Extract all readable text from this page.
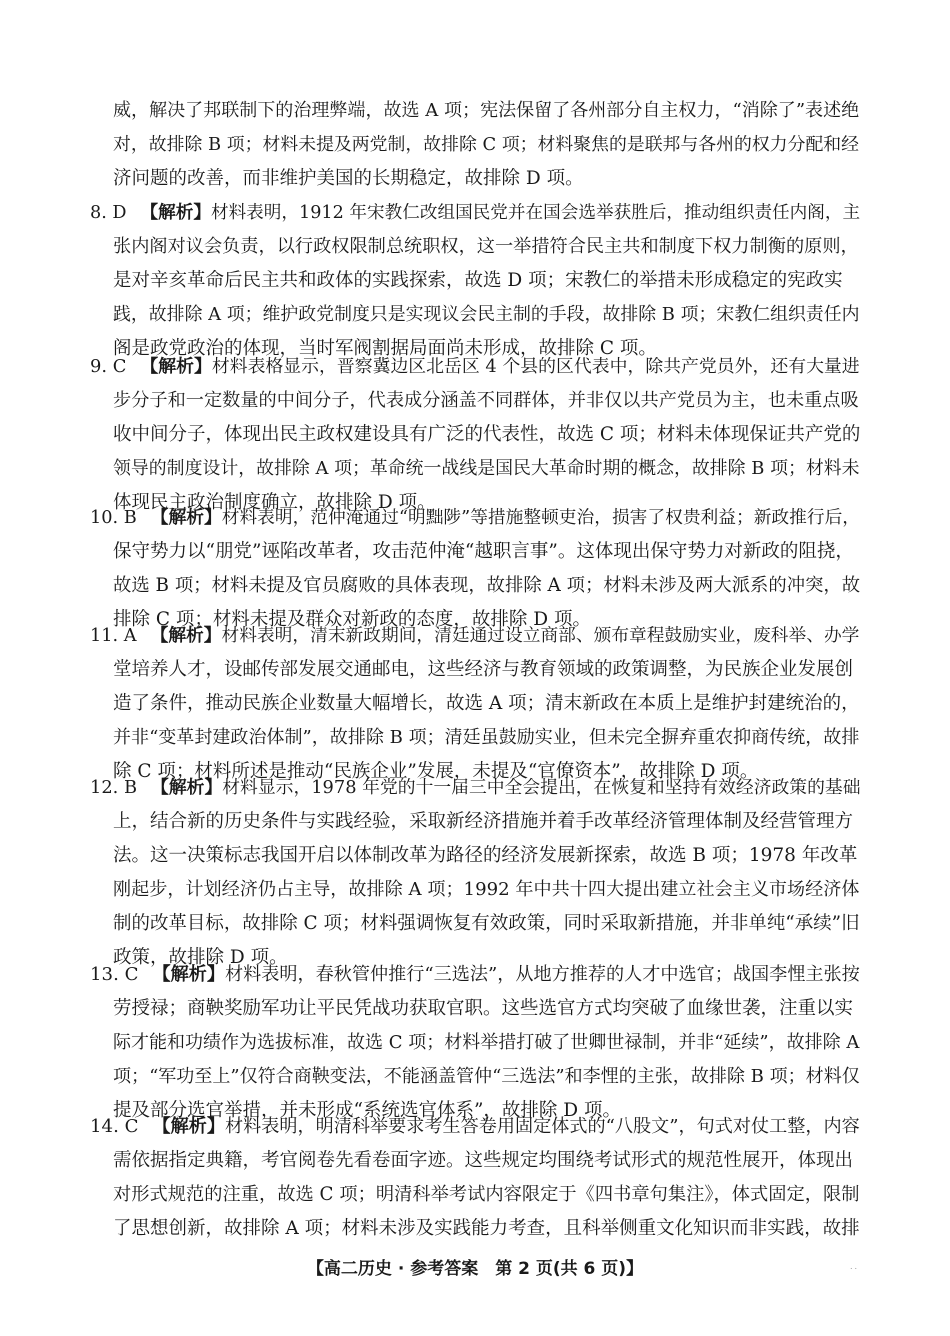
威，解决了邦联制下的治理弊端，故选 A 项；宪法保留了各州部分自主权力，“消除了”表述绝
对，故排除 B 项；材料未提及两党制，故排除 C 项；材料聚焦的是联邦与各州的权力分配和经
济问题的改善，而非维护美国的长期稳定，故排除 D 项。
8. D 【解析】材料表明，1912 年宋教仁改组国民党并在国会选举获胜后，推动组织责任内阁，主
张内阁对议会负责，以行政权限制总统职权，这一举措符合民主共和制度下权力制衡的原则，
是对辛亥革命后民主共和政体的实践探索，故选 D 项；宋教仁的举措未形成稳定的宪政实
践，故排除 A 项；维护政党制度只是实现议会民主制的手段，故排除 B 项；宋教仁组织责任内
阁是政党政治的体现，当时军阀割据局面尚未形成，故排除 C 项。
9. C 【解析】材料表格显示，晋察冀边区北岳区 4 个县的区代表中，除共产党员外，还有大量进
步分子和一定数量的中间分子，代表成分涵盖不同群体，并非仅以共产党员为主，也未重点吸
收中间分子，体现出民主政权建设具有广泛的代表性，故选 C 项；材料未体现保证共产党的
领导的制度设计，故排除 A 项；革命统一战线是国民大革命时期的概念，故排除 B 项；材料未
体现民主政治制度确立，故排除 D 项。
10. B 【解析】材料表明，范仲淹通过“明黜陟”等措施整顿吏治，损害了权贵利益；新政推行后，
保守势力以“朋党”诬陷改革者，攻击范仲淹“越职言事”。这体现出保守势力对新政的阻挠，
故选 B 项；材料未提及官员腐败的具体表现，故排除 A 项；材料未涉及两大派系的冲突，故
排除 C 项；材料未提及群众对新政的态度，故排除 D 项。
11. A 【解析】材料表明，清末新政期间，清廷通过设立商部、颁布章程鼓励实业，废科举、办学
堂培养人才，设邮传部发展交通邮电，这些经济与教育领域的政策调整，为民族企业发展创
造了条件，推动民族企业数量大幅增长，故选 A 项；清末新政在本质上是维护封建统治的，
并非“变革封建政治体制”，故排除 B 项；清廷虽鼓励实业，但未完全摒弃重农抑商传统，故排
除 C 项；材料所述是推动“民族企业”发展，未提及“官僚资本”，故排除 D 项。
12. B 【解析】材料显示，1978 年党的十一届三中全会提出，在恢复和坚持有效经济政策的基础
上，结合新的历史条件与实践经验，采取新经济措施并着手改革经济管理体制及经营管理方
法。这一决策标志我国开启以体制改革为路径的经济发展新探索，故选 B 项；1978 年改革
刚起步，计划经济仍占主导，故排除 A 项；1992 年中共十四大提出建立社会主义市场经济体
制的改革目标，故排除 C 项；材料强调恢复有效政策，同时采取新措施，并非单纯“承续”旧
政策，故排除 D 项。
13. C 【解析】材料表明，春秋管仲推行“三选法”，从地方推荐的人才中选官；战国李悝主张按
劳授禄；商鞅奖励军功让平民凭战功获取官职。这些选官方式均突破了血缘世袭，注重以实
际才能和功绩作为选拔标准，故选 C 项；材料举措打破了世卿世禄制，并非“延续”，故排除 A
项；“军功至上”仅符合商鞅变法，不能涵盖管仲“三选法”和李悝的主张，故排除 B 项；材料仅
提及部分选官举措，并未形成“系统选官体系”，故排除 D 项。
14. C 【解析】材料表明，明清科举要求考生答卷用固定体式的“八股文”，句式对仗工整，内容
需依据指定典籍，考官阅卷先看卷面字迹。这些规定均围绕考试形式的规范性展开，体现出
对形式规范的注重，故选 C 项；明清科举考试内容限定于《四书章句集注》，体式固定，限制
了思想创新，故排除 A 项；材料未涉及实践能力考查，且科举侧重文化知识而非实践，故排
【高二历史 · 参考答案　第 2 页(共 6 页)】	..
